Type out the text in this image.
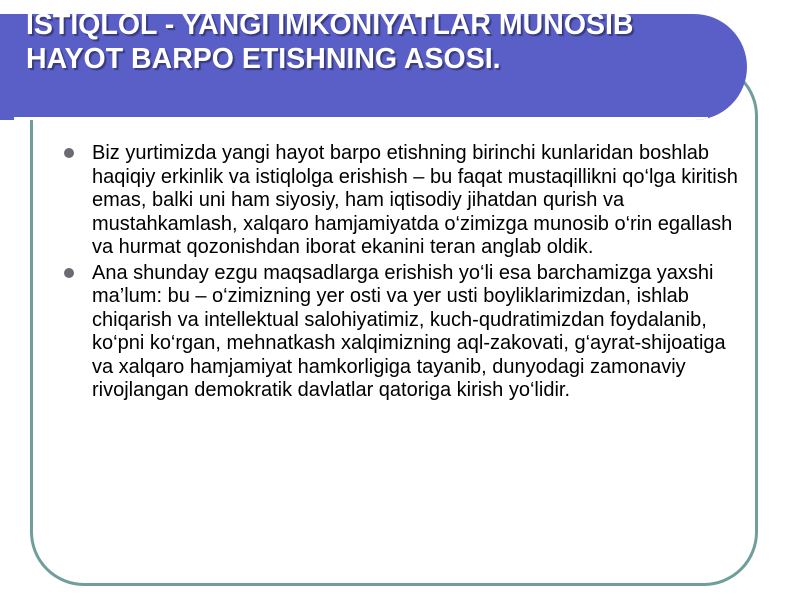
ISTIQLOL - YANGI IMKONIYATLAR MUNOSIB HAYOT BARPO ETISHNING ASOSI.
Biz yurtimizda yangi hayot barpo etishning birinchi kunlaridan boshlab haqiqiy erkinlik va istiqlolga erishish – bu faqat mustaqillikni qo‘lga kiritish emas, balki uni ham siyosiy, ham iqtisodiy jihatdan qurish va mustahkamlash, xalqaro hamjamiyatda o‘zimizga munosib o‘rin egallash va hurmat qozonishdan iborat ekanini teran anglab oldik.
Ana shunday ezgu maqsadlarga erishish yo‘li esa barchamizga yaxshi ma’lum: bu – o‘zimizning yer osti va yer usti boyliklarimizdan, ishlab chiqarish va intellektual salohiyatimiz, kuch-qudratimizdan foydalanib, ko‘pni ko‘rgan, mehnatkash xalqimizning aql-zakovati, g‘ayrat-shijoatiga va xalqaro hamjamiyat hamkorligiga tayanib, dunyodagi zamonaviy rivojlangan demokratik davlatlar qatoriga kirish yo‘lidir.
